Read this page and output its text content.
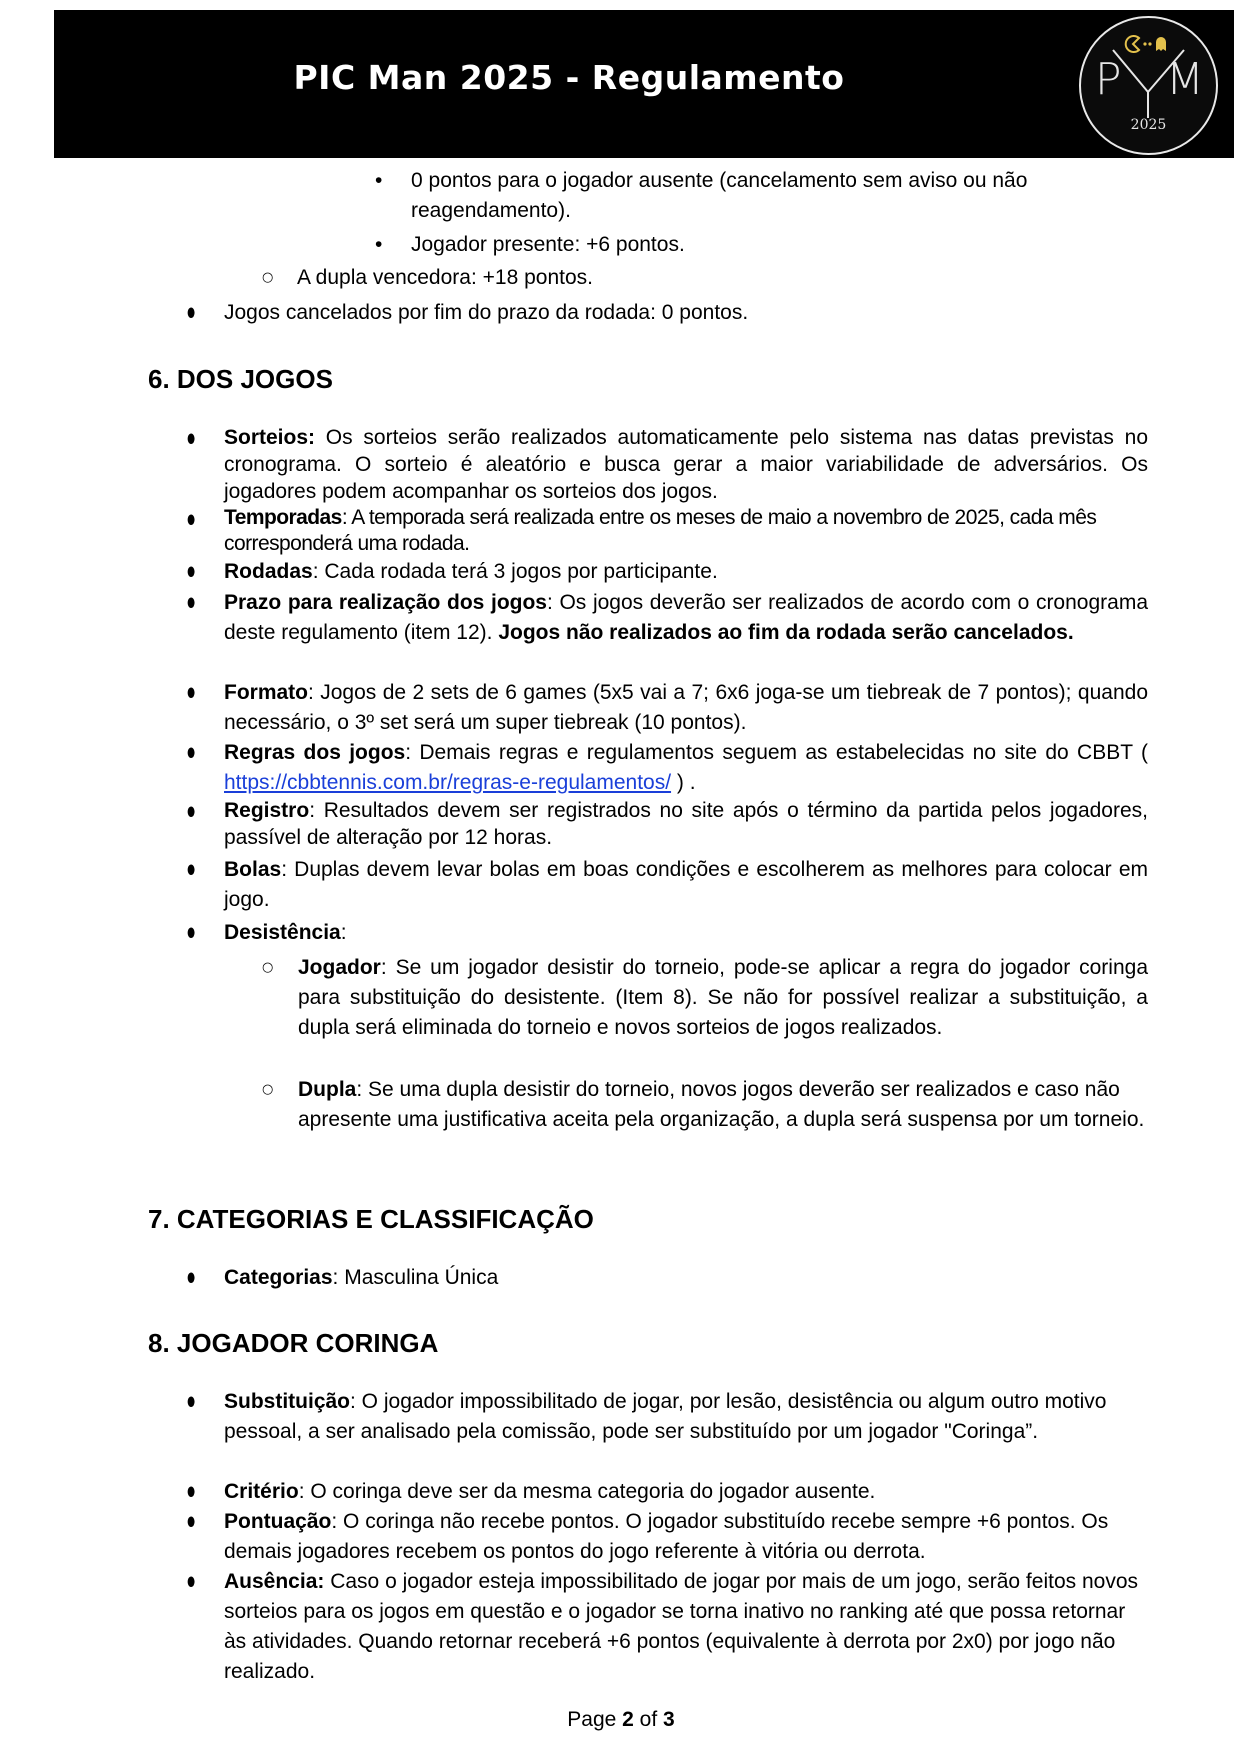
PIC Man 2025 - Regulamento	P M
2025
• 0 pontos para o jogador ausente (cancelamento sem aviso ou não
reagendamento).
• Jogador presente: +6 pontos.
○ A dupla vencedora: +18 pontos.
⬮ Jogos cancelados por fim do prazo da rodada: 0 pontos.
6. DOS JOGOS
⬮ Sorteios: Os sorteios serão realizados automaticamente pelo sistema nas datas previstas no cronograma. O sorteio é aleatório e busca gerar a maior variabilidade de adversários. Os jogadores podem acompanhar os sorteios dos jogos.
⬮ Temporadas: A temporada será realizada entre os meses de maio a novembro de 2025, cada mês corresponderá uma rodada.
⬮ Rodadas: Cada rodada terá 3 jogos por participante.
⬮ Prazo para realização dos jogos: Os jogos deverão ser realizados de acordo com o cronograma deste regulamento (item 12). Jogos não realizados ao fim da rodada serão cancelados.
⬮ Formato: Jogos de 2 sets de 6 games (5x5 vai a 7; 6x6 joga-se um tiebreak de 7 pontos); quando necessário, o 3º set será um super tiebreak (10 pontos).
⬮ Regras dos jogos: Demais regras e regulamentos seguem as estabelecidas no site do CBBT ( https://cbbtennis.com.br/regras-e-regulamentos/ ) .
⬮ Registro: Resultados devem ser registrados no site após o término da partida pelos jogadores, passível de alteração por 12 horas.
⬮ Bolas: Duplas devem levar bolas em boas condições e escolherem as melhores para colocar em jogo.
⬮ Desistência:
○ Jogador: Se um jogador desistir do torneio, pode-se aplicar a regra do jogador coringa para substituição do desistente. (Item 8). Se não for possível realizar a substituição, a dupla será eliminada do torneio e novos sorteios de jogos realizados.
○ Dupla: Se uma dupla desistir do torneio, novos jogos deverão ser realizados e caso não apresente uma justificativa aceita pela organização, a dupla será suspensa por um torneio.
7. CATEGORIAS E CLASSIFICAÇÃO
⬮ Categorias: Masculina Única
8. JOGADOR CORINGA
⬮ Substituição: O jogador impossibilitado de jogar, por lesão, desistência ou algum outro motivo pessoal, a ser analisado pela comissão, pode ser substituído por um jogador "Coringa”.
⬮ Critério: O coringa deve ser da mesma categoria do jogador ausente.
⬮ Pontuação: O coringa não recebe pontos. O jogador substituído recebe sempre +6 pontos. Os demais jogadores recebem os pontos do jogo referente à vitória ou derrota.
⬮ Ausência: Caso o jogador esteja impossibilitado de jogar por mais de um jogo, serão feitos novos sorteios para os jogos em questão e o jogador se torna inativo no ranking até que possa retornar às atividades. Quando retornar receberá +6 pontos (equivalente à derrota por 2x0) por jogo não realizado.
Page 2 of 3
